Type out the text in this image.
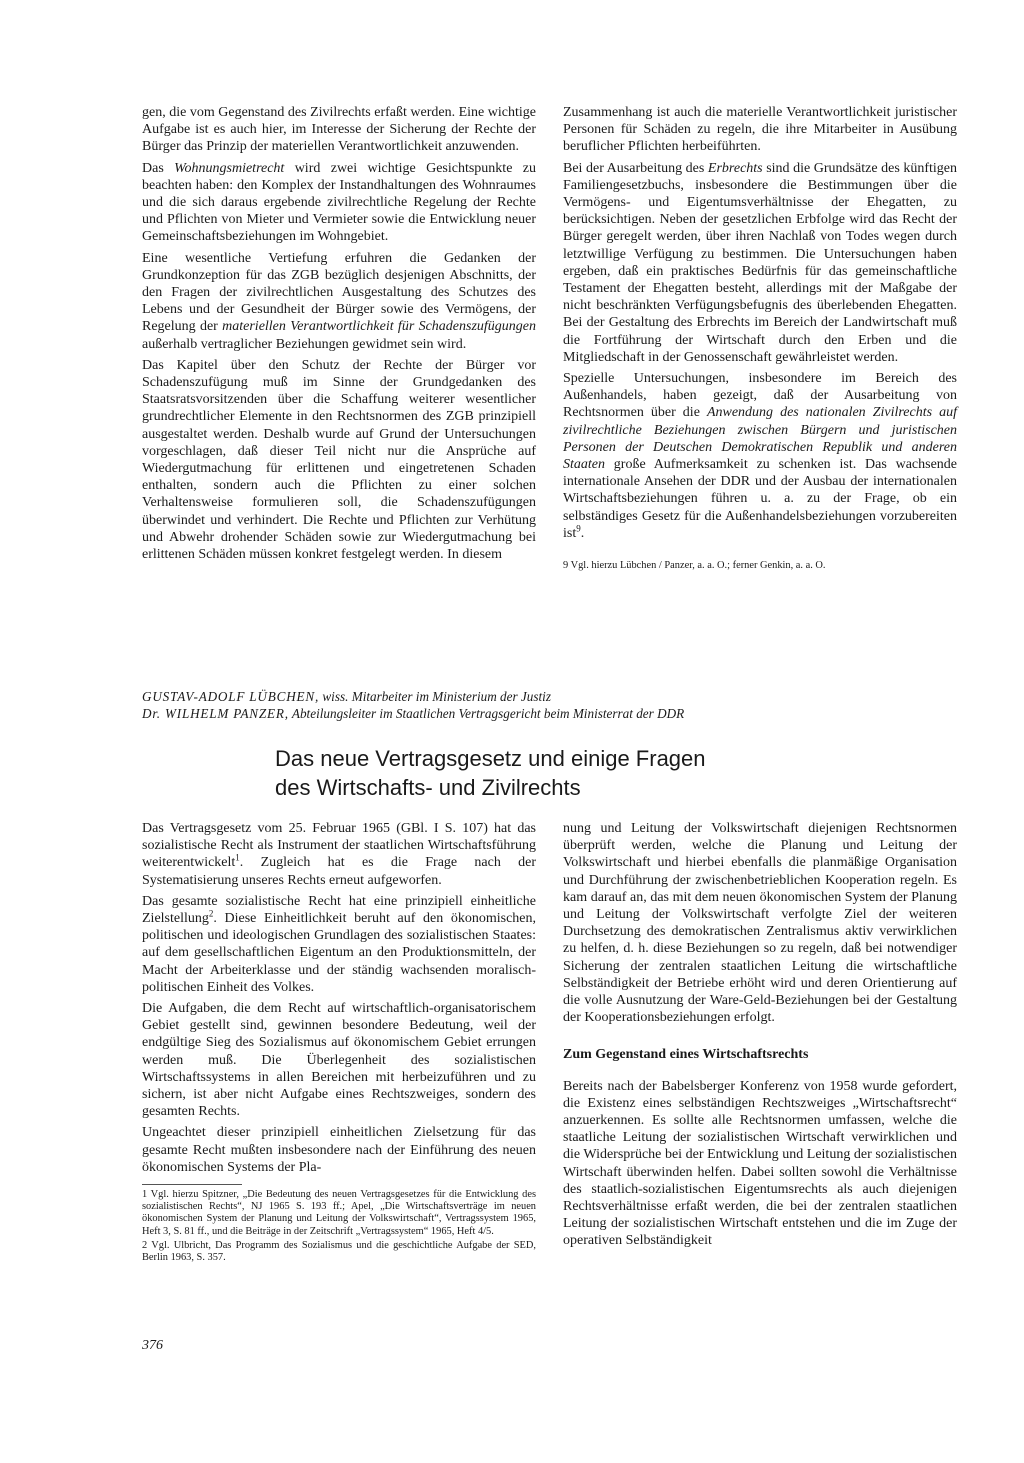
gen, die vom Gegenstand des Zivilrechts erfaßt werden. Eine wichtige Aufgabe ist es auch hier, im Interesse der Sicherung der Rechte der Bürger das Prinzip der materiellen Verantwortlichkeit anzuwenden.

Das Wohnungsmietrecht wird zwei wichtige Gesichtspunkte zu beachten haben: den Komplex der Instandhaltungen des Wohnraumes und die sich daraus ergebende zivilrechtliche Regelung der Rechte und Pflichten von Mieter und Vermieter sowie die Entwicklung neuer Gemeinschaftsbeziehungen im Wohngebiet.

Eine wesentliche Vertiefung erfuhren die Gedanken der Grundkonzeption für das ZGB bezüglich desjenigen Abschnitts, der den Fragen der zivilrechtlichen Ausgestaltung des Schutzes des Lebens und der Gesundheit der Bürger sowie des Vermögens, der Regelung der materiellen Verantwortlichkeit für Schadenszufügungen außerhalb vertraglicher Beziehungen gewidmet sein wird.

Das Kapitel über den Schutz der Rechte der Bürger vor Schadenszufügung muß im Sinne der Grundgedanken des Staatsratsvorsitzenden über die Schaffung weiterer wesentlicher grundrechtlicher Elemente in den Rechtsnormen des ZGB prinzipiell ausgestaltet werden. Deshalb wurde auf Grund der Untersuchungen vorgeschlagen, daß dieser Teil nicht nur die Ansprüche auf Wiedergutmachung für erlittenen und eingetretenen Schaden enthalten, sondern auch die Pflichten zu einer solchen Verhaltensweise formulieren soll, die Schadenszufügungen überwindet und verhindert. Die Rechte und Pflichten zur Verhütung und Abwehr drohender Schäden sowie zur Wiedergutmachung bei erlittenen Schäden müssen konkret festgelegt werden. In diesem

Zusammenhang ist auch die materielle Verantwortlichkeit juristischer Personen für Schäden zu regeln, die ihre Mitarbeiter in Ausübung beruflicher Pflichten herbeiführten.

Bei der Ausarbeitung des Erbrechts sind die Grundsätze des künftigen Familiengesetzbuchs, insbesondere die Bestimmungen über die Vermögens- und Eigentumsverhältnisse der Ehegatten, zu berücksichtigen. Neben der gesetzlichen Erbfolge wird das Recht der Bürger geregelt werden, über ihren Nachlaß von Todes wegen durch letztwillige Verfügung zu bestimmen. Die Untersuchungen haben ergeben, daß ein praktisches Bedürfnis für das gemeinschaftliche Testament der Ehegatten besteht, allerdings mit der Maßgabe der nicht beschränkten Verfügungsbefugnis des überlebenden Ehegatten. Bei der Gestaltung des Erbrechts im Bereich der Landwirtschaft muß die Fortführung der Wirtschaft durch den Erben und die Mitgliedschaft in der Genossenschaft gewährleistet werden.

Spezielle Untersuchungen, insbesondere im Bereich des Außenhandels, haben gezeigt, daß der Ausarbeitung von Rechtsnormen über die Anwendung des nationalen Zivilrechts auf zivilrechtliche Beziehungen zwischen Bürgern und juristischen Personen der Deutschen Demokratischen Republik und anderen Staaten große Aufmerksamkeit zu schenken ist. Das wachsende internationale Ansehen der DDR und der Ausbau der internationalen Wirtschaftsbeziehungen führen u. a. zu der Frage, ob ein selbständiges Gesetz für die Außenhandelsbeziehungen vorzubereiten ist$^9$.

9 Vgl. hierzu Lübchen / Panzer, a. a. O.; ferner Genkin, a. a. O.

GUSTAV-ADOLF LÜBCHEN, wiss. Mitarbeiter im Ministerium der Justiz

Dr. WILHELM PANZER, Abteilungsleiter im Staatlichen Vertragsgericht beim Ministerrat der DDR

Das neue Vertragsgesetz und einige Fragen
des Wirtschafts- und Zivilrechts

Das Vertragsgesetz vom 25. Februar 1965 (GBl. I S. 107) hat das sozialistische Recht als Instrument der staatlichen Wirtschaftsführung weiterentwickelt$^1$. Zugleich hat es die Frage nach der Systematisierung unseres Rechts erneut aufgeworfen.

Das gesamte sozialistische Recht hat eine prinzipiell einheitliche Zielstellung$^2$. Diese Einheitlichkeit beruht auf den ökonomischen, politischen und ideologischen Grundlagen des sozialistischen Staates: auf dem gesellschaftlichen Eigentum an den Produktionsmitteln, der Macht der Arbeiterklasse und der ständig wachsenden moralisch-politischen Einheit des Volkes.

Die Aufgaben, die dem Recht auf wirtschaftlich-organisatorischem Gebiet gestellt sind, gewinnen besondere Bedeutung, weil der endgültige Sieg des Sozialismus auf ökonomischem Gebiet errungen werden muß. Die Überlegenheit des sozialistischen Wirtschaftssystems in allen Bereichen mit herbeizuführen und zu sichern, ist aber nicht Aufgabe eines Rechtszweiges, sondern des gesamten Rechts.

Ungeachtet dieser prinzipiell einheitlichen Zielsetzung für das gesamte Recht mußten insbesondere nach der Einführung des neuen ökonomischen Systems der Pla-

1 Vgl. hierzu Spitzner, „Die Bedeutung des neuen Vertragsgesetzes für die Entwicklung des sozialistischen Rechts“, NJ 1965 S. 193 ff.; Apel, „Die Wirtschaftsverträge im neuen ökonomischen System der Planung und Leitung der Volkswirtschaft“, Vertragssystem 1965, Heft 3, S. 81 ff., und die Beiträge in der Zeitschrift „Vertragssystem“ 1965, Heft 4/5.
2 Vgl. Ulbricht, Das Programm des Sozialismus und die geschichtliche Aufgabe der SED, Berlin 1963, S. 357.

nung und Leitung der Volkswirtschaft diejenigen Rechtsnormen überprüft werden, welche die Planung und Leitung der Volkswirtschaft und hierbei ebenfalls die planmäßige Organisation und Durchführung der zwischenbetrieblichen Kooperation regeln. Es kam darauf an, das mit dem neuen ökonomischen System der Planung und Leitung der Volkswirtschaft verfolgte Ziel der weiteren Durchsetzung des demokratischen Zentralismus aktiv verwirklichen zu helfen, d. h. diese Beziehungen so zu regeln, daß bei notwendiger Sicherung der zentralen staatlichen Leitung die wirtschaftliche Selbständigkeit der Betriebe erhöht wird und deren Orientierung auf die volle Ausnutzung der Ware-Geld-Beziehungen bei der Gestaltung der Kooperationsbeziehungen erfolgt.

Zum Gegenstand eines Wirtschaftsrechts

Bereits nach der Babelsberger Konferenz von 1958 wurde gefordert, die Existenz eines selbständigen Rechtszweiges „Wirtschaftsrecht“ anzuerkennen. Es sollte alle Rechtsnormen umfassen, welche die staatliche Leitung der sozialistischen Wirtschaft verwirklichen und die Widersprüche bei der Entwicklung und Leitung der sozialistischen Wirtschaft überwinden helfen. Dabei sollten sowohl die Verhältnisse des staatlich-sozialistischen Eigentumsrechts als auch diejenigen Rechtsverhältnisse erfaßt werden, die bei der zentralen staatlichen Leitung der sozialistischen Wirtschaft entstehen und die im Zuge der operativen Selbständigkeit

376
